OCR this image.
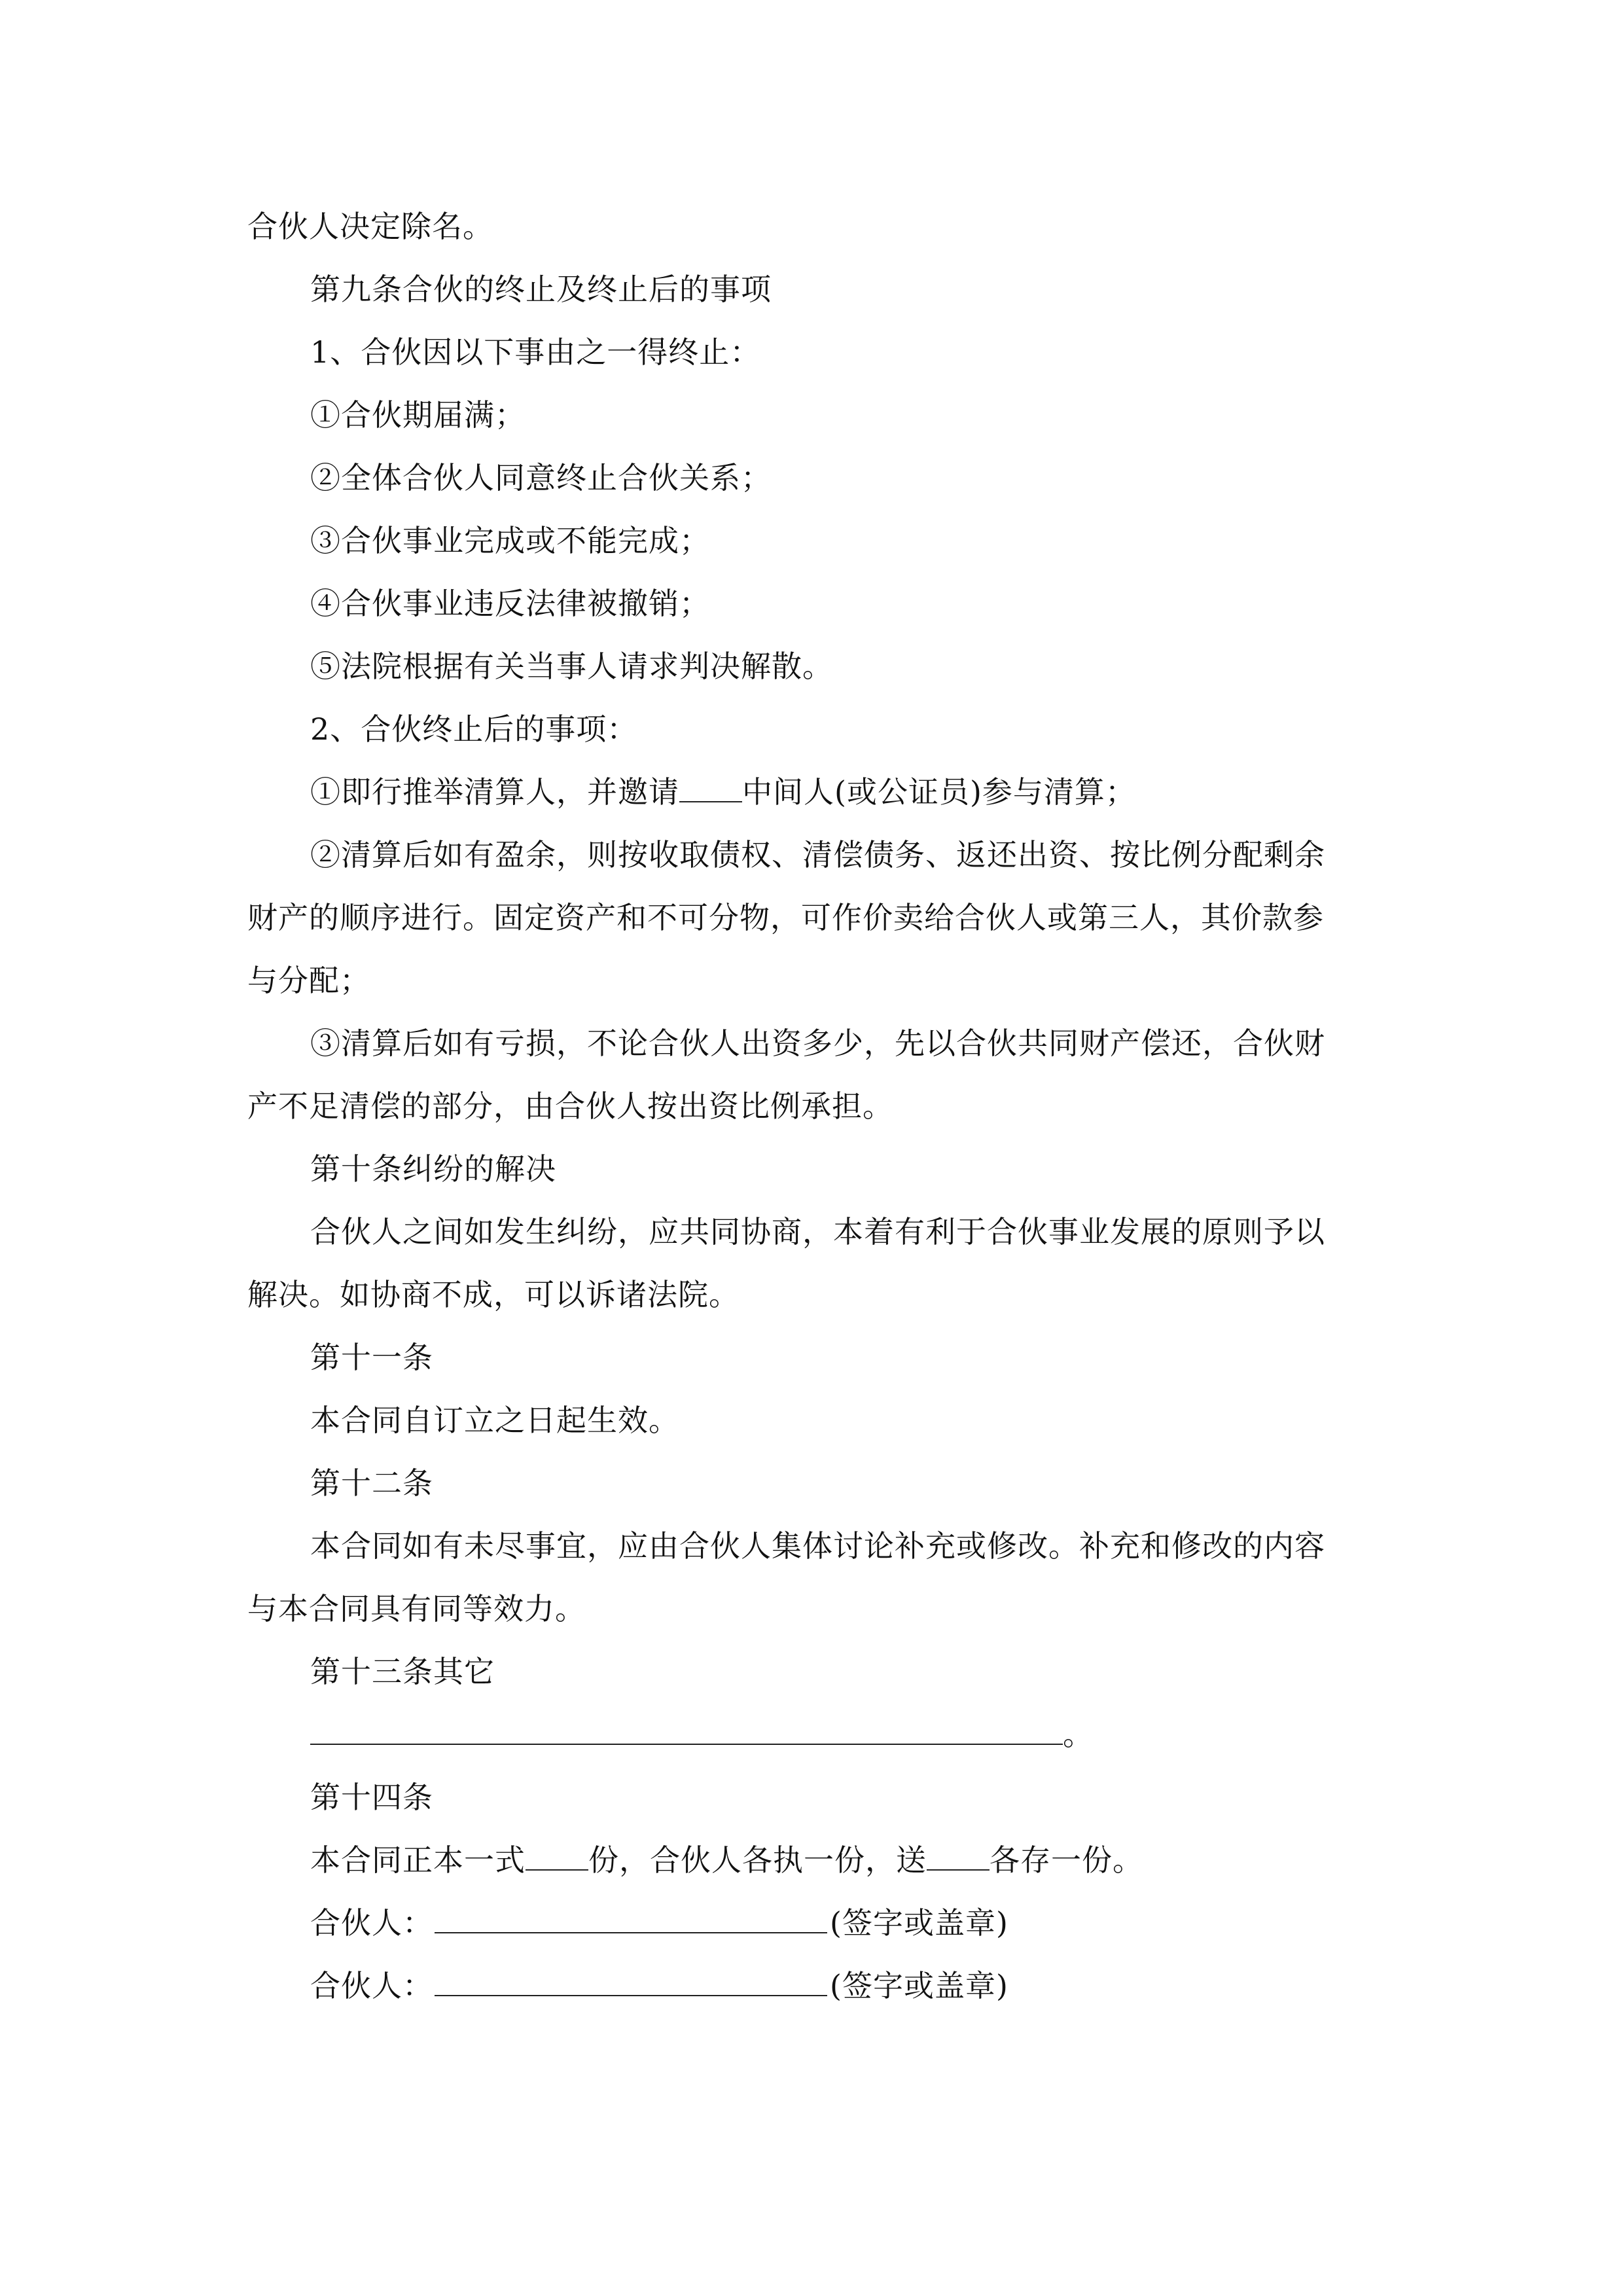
合伙人决定除名。
第九条合伙的终止及终止后的事项
1、合伙因以下事由之一得终止：
①合伙期届满；
②全体合伙人同意终止合伙关系；
③合伙事业完成或不能完成；
④合伙事业违反法律被撤销；
⑤法院根据有关当事人请求判决解散。
2、合伙终止后的事项：
①即行推举清算人，并邀请 中间人(或公证员)参与清算；
②清算后如有盈余，则按收取债权、清偿债务、返还出资、按比例分配剩余
财产的顺序进行。固定资产和不可分物，可作价卖给合伙人或第三人，其价款参
与分配；
③清算后如有亏损，不论合伙人出资多少，先以合伙共同财产偿还，合伙财
产不足清偿的部分，由合伙人按出资比例承担。
第十条纠纷的解决
合伙人之间如发生纠纷，应共同协商，本着有利于合伙事业发展的原则予以
解决。如协商不成，可以诉诸法院。
第十一条
本合同自订立之日起生效。
第十二条
本合同如有未尽事宜，应由合伙人集体讨论补充或修改。补充和修改的内容
与本合同具有同等效力。
第十三条其它
。
第十四条
本合同正本一式 份，合伙人各执一份，送 各存一份。
合伙人：	(签字或盖章)
合伙人：	(签字或盖章)
